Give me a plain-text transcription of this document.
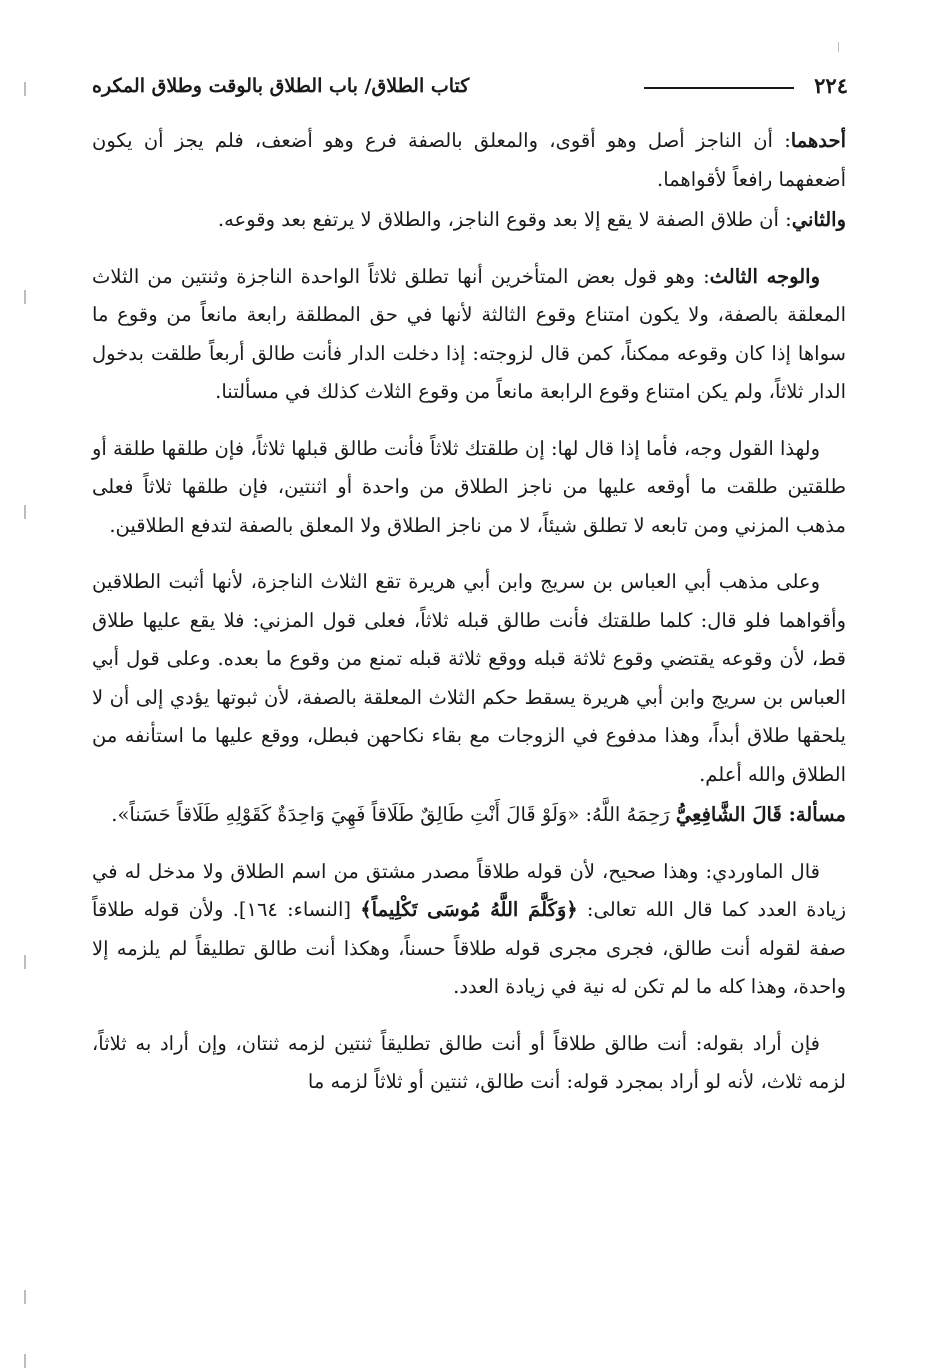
٢٢٤
كتاب الطلاق/ باب الطلاق بالوقت وطلاق المكره

أحدهما: أن الناجز أصل وهو أقوى، والمعلق بالصفة فرع وهو أضعف، فلم يجز أن يكون أضعفهما رافعاً لأقواهما.

والثاني: أن طلاق الصفة لا يقع إلا بعد وقوع الناجز، والطلاق لا يرتفع بعد وقوعه.

والوجه الثالث: وهو قول بعض المتأخرين أنها تطلق ثلاثاً الواحدة الناجزة وثنتين من الثلاث المعلقة بالصفة، ولا يكون امتناع وقوع الثالثة لأنها في حق المطلقة رابعة مانعاً من وقوع ما سواها إذا كان وقوعه ممكناً، كمن قال لزوجته: إذا دخلت الدار فأنت طالق أربعاً طلقت بدخول الدار ثلاثاً، ولم يكن امتناع وقوع الرابعة مانعاً من وقوع الثلاث كذلك في مسألتنا.

ولهذا القول وجه، فأما إذا قال لها: إن طلقتك ثلاثاً فأنت طالق قبلها ثلاثاً، فإن طلقها طلقة أو طلقتين طلقت ما أوقعه عليها من ناجز الطلاق من واحدة أو اثنتين، فإن طلقها ثلاثاً فعلى مذهب المزني ومن تابعه لا تطلق شيئاً، لا من ناجز الطلاق ولا المعلق بالصفة لتدفع الطلاقين.

وعلى مذهب أبي العباس بن سريج وابن أبي هريرة تقع الثلاث الناجزة، لأنها أثبت الطلاقين وأقواهما فلو قال: كلما طلقتك فأنت طالق قبله ثلاثاً، فعلى قول المزني: فلا يقع عليها طلاق قط، لأن وقوعه يقتضي وقوع ثلاثة قبله ووقع ثلاثة قبله تمنع من وقوع ما بعده. وعلى قول أبي العباس بن سريج وابن أبي هريرة يسقط حكم الثلاث المعلقة بالصفة، لأن ثبوتها يؤدي إلى أن لا يلحقها طلاق أبداً، وهذا مدفوع في الزوجات مع بقاء نكاحهن فبطل، ووقع عليها ما استأنفه من الطلاق والله أعلم.

مسألة: قَالَ الشَّافِعِيُّ رَحِمَهُ اللَّهُ: «وَلَوْ قَالَ أَنْتِ طَالِقٌ طَلَاقاً فَهِيَ وَاحِدَةٌ كَقَوْلِهِ طَلَاقاً حَسَناً».

قال الماوردي: وهذا صحيح، لأن قوله طلاقاً مصدر مشتق من اسم الطلاق ولا مدخل له في زيادة العدد كما قال الله تعالى: ﴿وَكَلَّمَ اللَّهُ مُوسَى تَكْلِيماً﴾ [النساء: ١٦٤]. ولأن قوله طلاقاً صفة لقوله أنت طالق، فجرى مجرى قوله طلاقاً حسناً، وهكذا أنت طالق تطليقاً لم يلزمه إلا واحدة، وهذا كله ما لم تكن له نية في زيادة العدد.

فإن أراد بقوله: أنت طالق طلاقاً أو أنت طالق تطليقاً ثنتين لزمه ثنتان، وإن أراد به ثلاثاً، لزمه ثلاث، لأنه لو أراد بمجرد قوله: أنت طالق، ثنتين أو ثلاثاً لزمه ما
